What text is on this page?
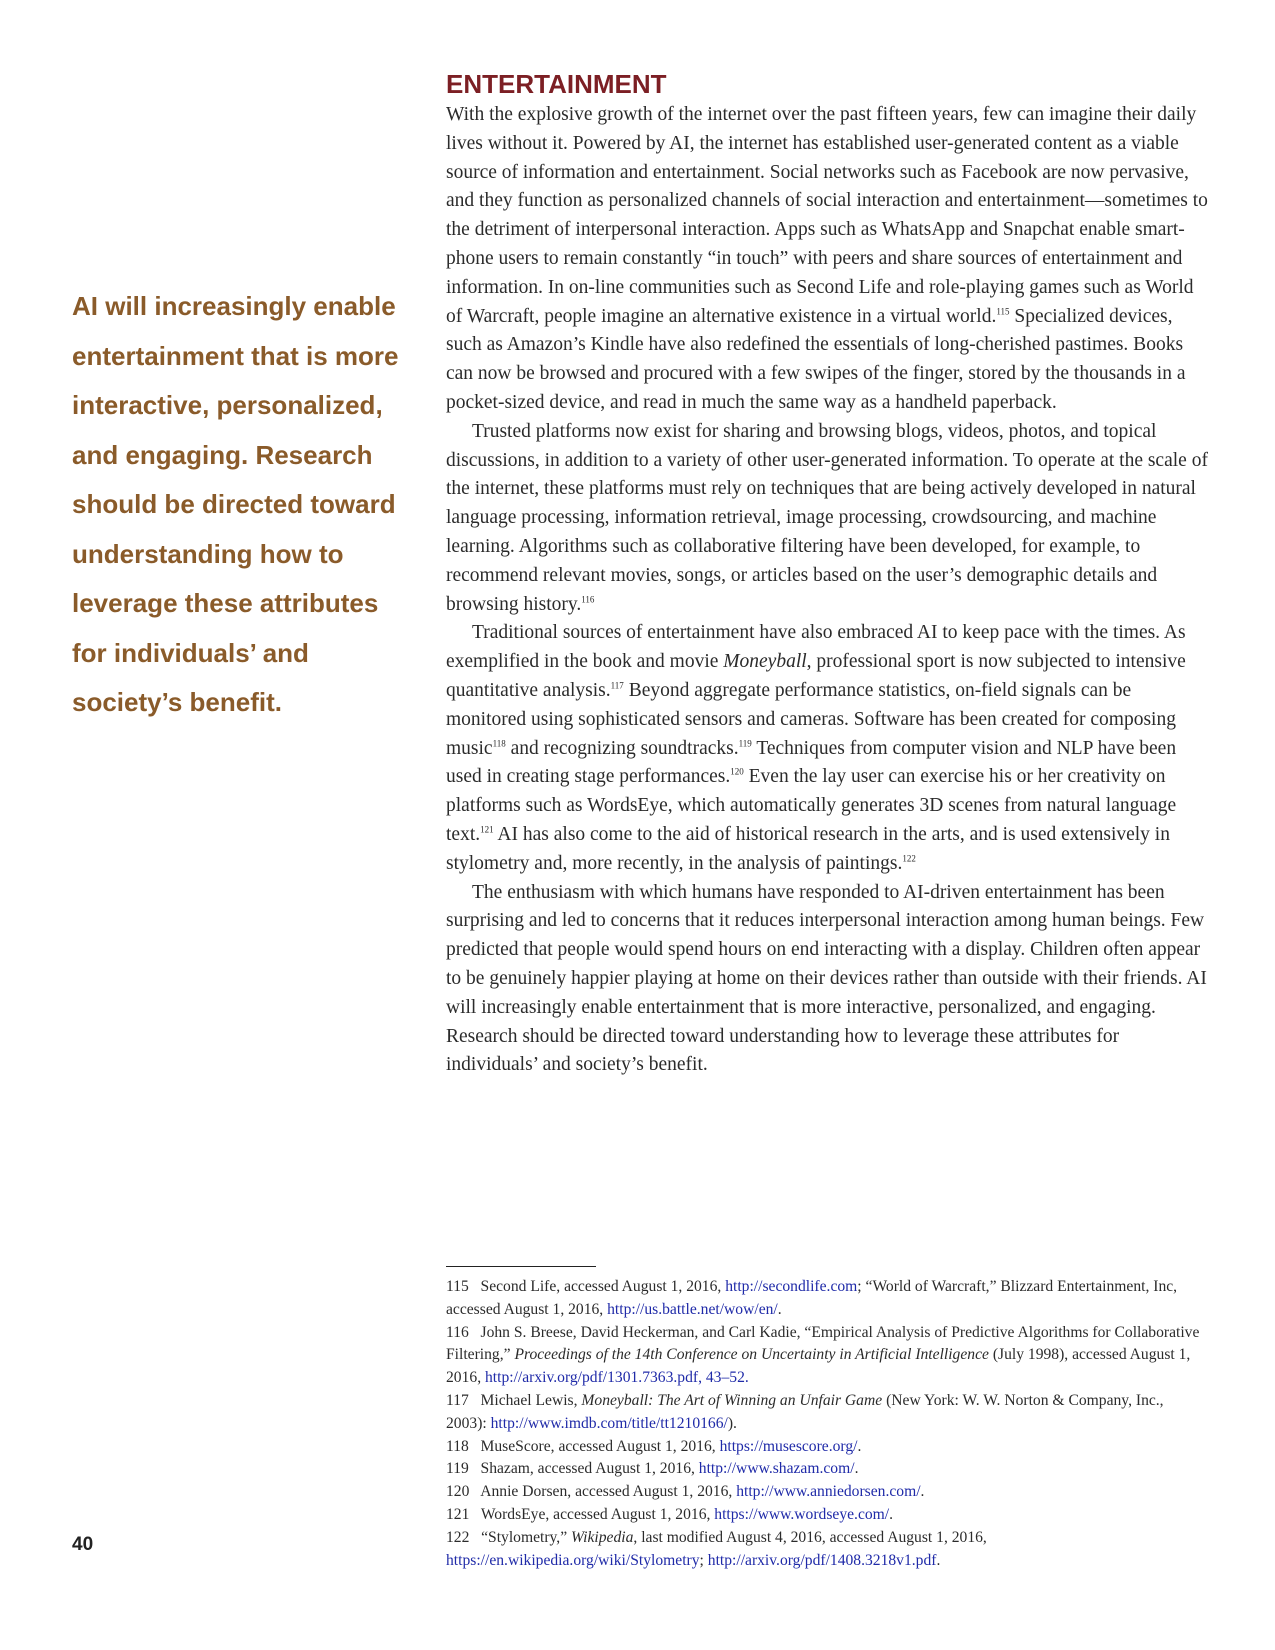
AI will increasingly enable entertainment that is more interactive, personalized, and engaging. Research should be directed toward understanding how to leverage these attributes for individuals’ and society’s benefit.

ENTERTAINMENT

With the explosive growth of the internet over the past fifteen years, few can imagine their daily lives without it. Powered by AI, the internet has established user-generated content as a viable source of information and entertainment. Social networks such as Facebook are now pervasive, and they function as personalized channels of social interaction and entertainment—sometimes to the detriment of interpersonal interaction. Apps such as WhatsApp and Snapchat enable smart-phone users to remain constantly “in touch” with peers and share sources of entertainment and information. In on-line communities such as Second Life and role-playing games such as World of Warcraft, people imagine an alternative existence in a virtual world.$^{115}$ Specialized devices, such as Amazon’s Kindle have also redefined the essentials of long-cherished pastimes. Books can now be browsed and procured with a few swipes of the finger, stored by the thousands in a pocket-sized device, and read in much the same way as a handheld paperback.

Trusted platforms now exist for sharing and browsing blogs, videos, photos, and topical discussions, in addition to a variety of other user-generated information. To operate at the scale of the internet, these platforms must rely on techniques that are being actively developed in natural language processing, information retrieval, image processing, crowdsourcing, and machine learning. Algorithms such as collaborative filtering have been developed, for example, to recommend relevant movies, songs, or articles based on the user’s demographic details and browsing history.$^{116}$

Traditional sources of entertainment have also embraced AI to keep pace with the times. As exemplified in the book and movie Moneyball, professional sport is now subjected to intensive quantitative analysis.$^{117}$ Beyond aggregate performance statistics, on-field signals can be monitored using sophisticated sensors and cameras. Software has been created for composing music$^{118}$ and recognizing soundtracks.$^{119}$ Techniques from computer vision and NLP have been used in creating stage performances.$^{120}$ Even the lay user can exercise his or her creativity on platforms such as WordsEye, which automatically generates 3D scenes from natural language text.$^{121}$ AI has also come to the aid of historical research in the arts, and is used extensively in stylometry and, more recently, in the analysis of paintings.$^{122}$

The enthusiasm with which humans have responded to AI-driven entertainment has been surprising and led to concerns that it reduces interpersonal interaction among human beings. Few predicted that people would spend hours on end interacting with a display. Children often appear to be genuinely happier playing at home on their devices rather than outside with their friends. AI will increasingly enable entertainment that is more interactive, personalized, and engaging. Research should be directed toward understanding how to leverage these attributes for individuals’ and society’s benefit.

115 Second Life, accessed August 1, 2016, http://secondlife.com; “World of Warcraft,” Blizzard Entertainment, Inc, accessed August 1, 2016, http://us.battle.net/wow/en/.

116 John S. Breese, David Heckerman, and Carl Kadie, “Empirical Analysis of Predictive Algorithms for Collaborative Filtering,” Proceedings of the 14th Conference on Uncertainty in Artificial Intelligence (July 1998), accessed August 1, 2016, http://arxiv.org/pdf/1301.7363.pdf, 43–52.

117 Michael Lewis, Moneyball: The Art of Winning an Unfair Game (New York: W. W. Norton & Company, Inc., 2003): http://www.imdb.com/title/tt1210166/).

118 MuseScore, accessed August 1, 2016, https://musescore.org/.

119 Shazam, accessed August 1, 2016, http://www.shazam.com/.

120 Annie Dorsen, accessed August 1, 2016, http://www.anniedorsen.com/.

121 WordsEye, accessed August 1, 2016, https://www.wordseye.com/.

122 “Stylometry,” Wikipedia, last modified August 4, 2016, accessed August 1, 2016, https://en.wikipedia.org/wiki/Stylometry; http://arxiv.org/pdf/1408.3218v1.pdf.

40
